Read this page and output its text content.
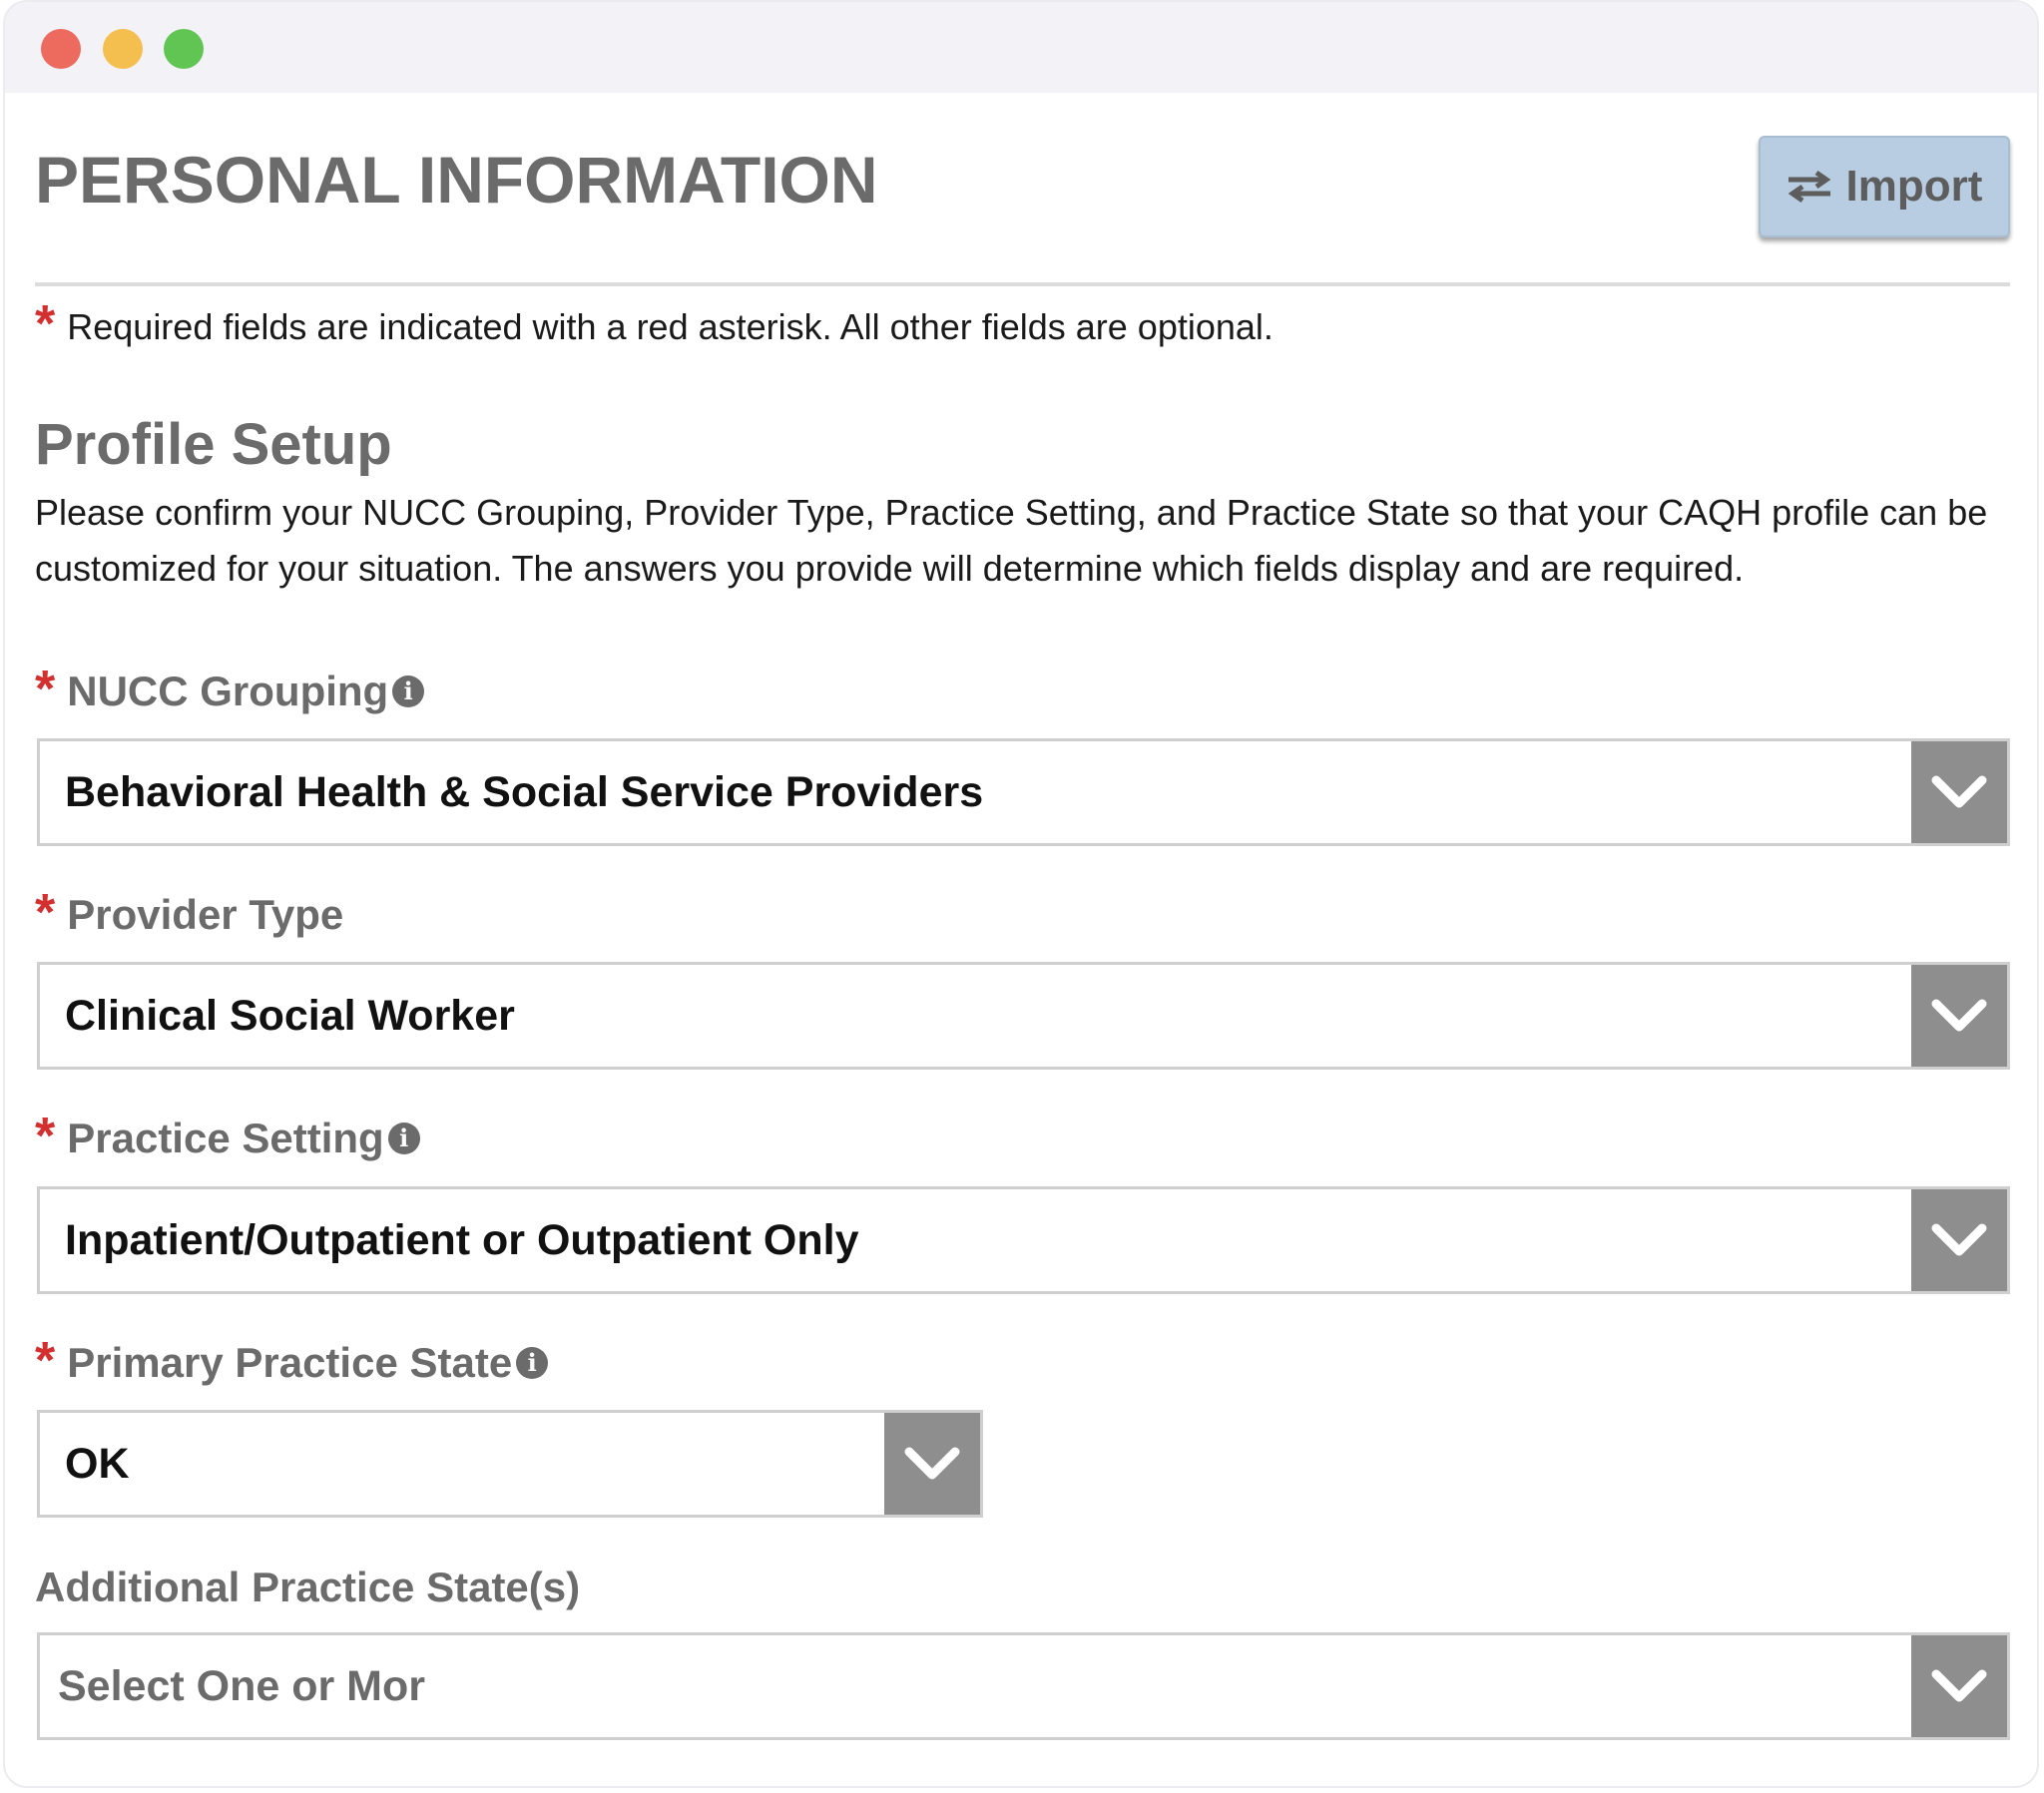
PERSONAL INFORMATION	Import
* Required fields are indicated with a red asterisk. All other fields are optional.
Profile Setup
Please confirm your NUCC Grouping, Provider Type, Practice Setting, and Practice State so that your CAQH profile can be customized for your situation. The answers you provide will determine which fields display and are required.
* NUCC Grouping i
Behavioral Health & Social Service Providers
* Provider Type
Clinical Social Worker
* Practice Setting i
Inpatient/Outpatient or Outpatient Only
* Primary Practice State i
OK
Additional Practice State(s)
Select One or Mor
